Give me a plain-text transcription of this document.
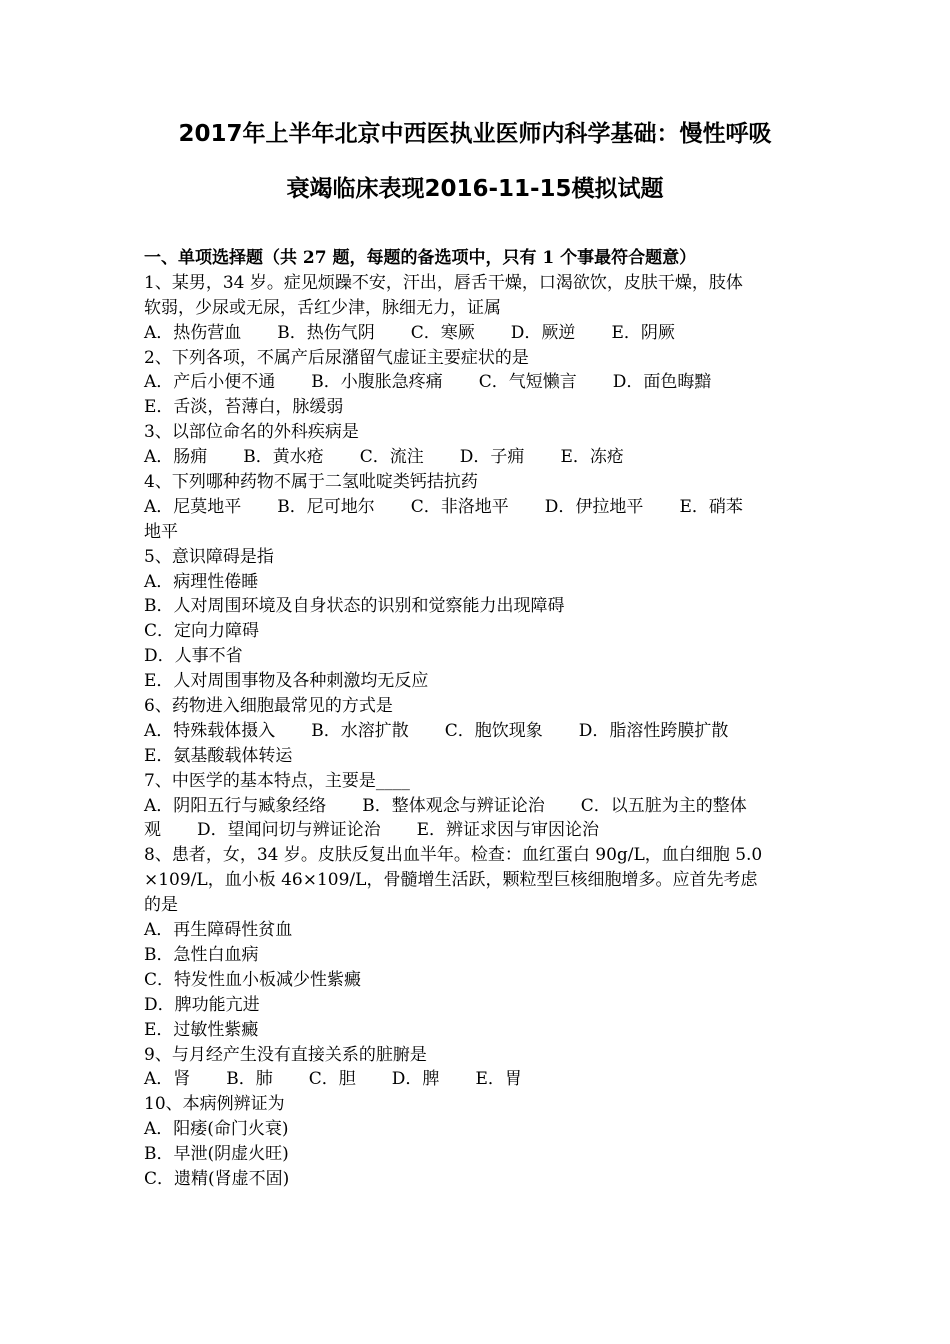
2017年上半年北京中西医执业医师内科学基础：慢性呼吸
衰竭临床表现2016-11-15模拟试题
一、单项选择题（共 27 题，每题的备选项中，只有 1 个事最符合题意）
1、某男，34 岁。症见烦躁不安，汗出，唇舌干燥，口渴欲饮，皮肤干燥，肢体
软弱，少尿或无尿，舌红少津，脉细无力，证属
A．热伤营血 B．热伤气阴 C．寒厥 D．厥逆 E．阴厥
2、下列各项，不属产后尿潴留气虚证主要症状的是
A．产后小便不通 B．小腹胀急疼痛 C．气短懒言 D．面色晦黯
E．舌淡，苔薄白，脉缓弱
3、以部位命名的外科疾病是
A．肠痈 B．黄水疮 C．流注 D．子痈 E．冻疮
4、下列哪种药物不属于二氢吡啶类钙拮抗药
A．尼莫地平 B．尼可地尔 C．非洛地平 D．伊拉地平 E．硝苯
地平
5、意识障碍是指
A．病理性倦睡
B．人对周围环境及自身状态的识别和觉察能力出现障碍
C．定向力障碍
D．人事不省
E．人对周围事物及各种刺激均无反应
6、药物进入细胞最常见的方式是
A．特殊载体摄入 B．水溶扩散 C．胞饮现象 D．脂溶性跨膜扩散
E．氨基酸载体转运
7、中医学的基本特点，主要是____
A．阴阳五行与臧象经络 B．整体观念与辨证论治 C．以五脏为主的整体
观 D．望闻问切与辨证论治 E．辨证求因与审因论治
8、患者，女，34 岁。皮肤反复出血半年。检查：血红蛋白 90g/L，血白细胞 5.0
×109/L，血小板 46×109/L，骨髓增生活跃，颗粒型巨核细胞增多。应首先考虑
的是
A．再生障碍性贫血
B．急性白血病
C．特发性血小板减少性紫癜
D．脾功能亢进
E．过敏性紫癜
9、与月经产生没有直接关系的脏腑是
A．肾 B．肺 C．胆 D．脾 E．胃
10、本病例辨证为
A．阳痿(命门火衰)
B．早泄(阴虚火旺)
C．遗精(肾虚不固)
